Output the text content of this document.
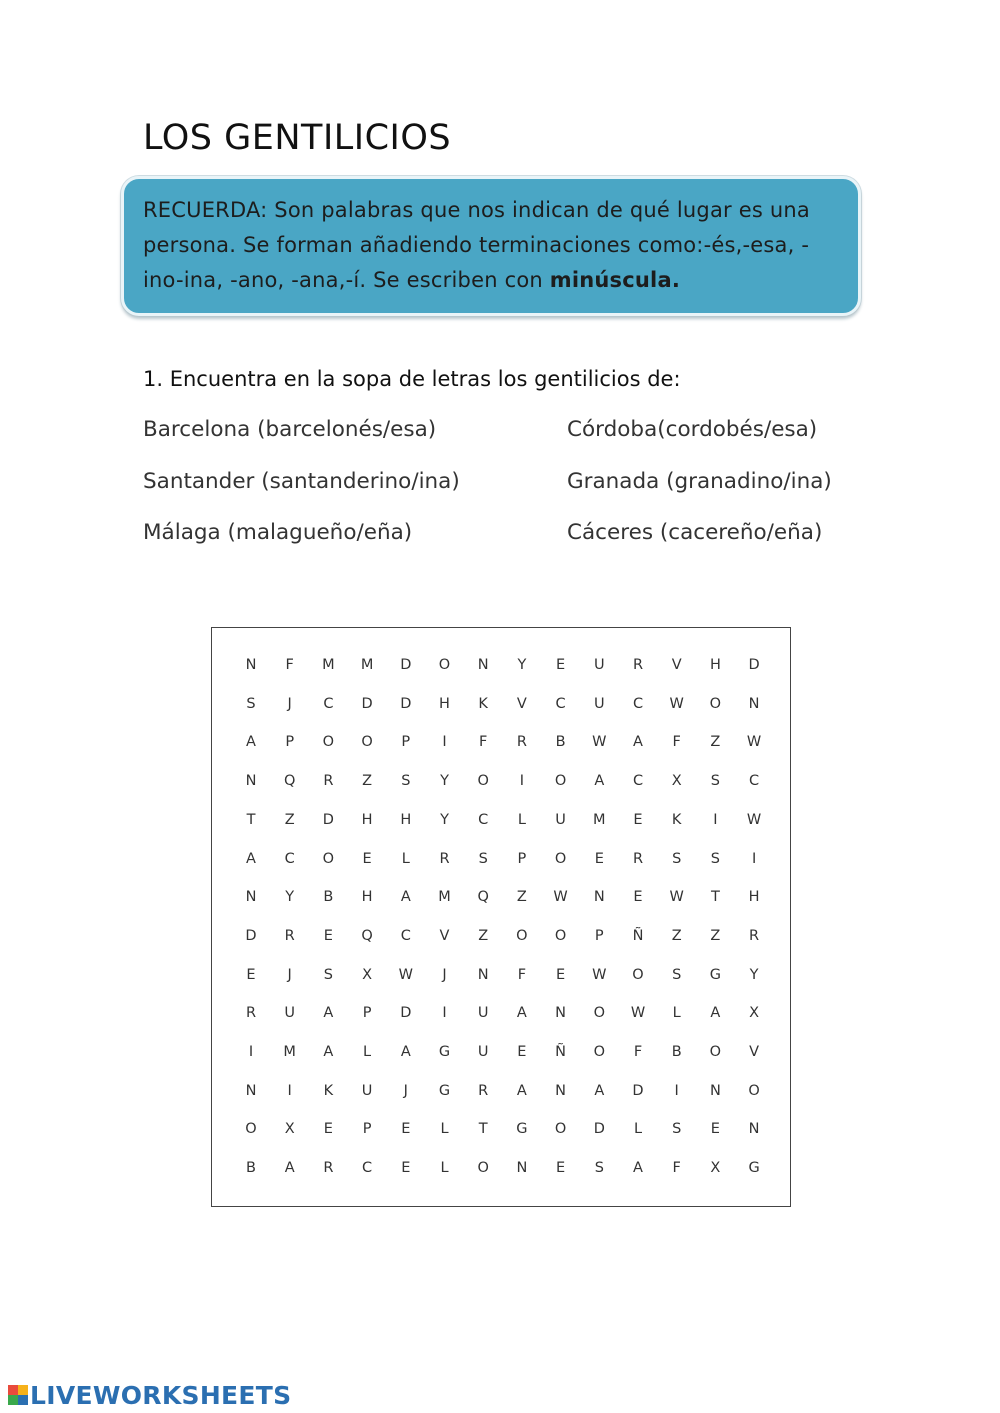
LOS GENTILICIOS

RECUERDA: Son palabras que nos indican de qué lugar es una persona. Se forman añadiendo terminaciones como:-és,-esa, -ino-ina, -ano, -ana,-í. Se escriben con minúscula.

1. Encuentra en la sopa de letras los gentilicios de:

Barcelona (barcelonés/esa)	Córdoba(cordobés/esa)
Santander (santanderino/ina)	Granada (granadino/ina)
Málaga (malagueño/eña)	Cáceres (cacereño/eña)
N	F	M	M	D	O	N	Y	E	U	R	V	H	D
S	J	C	D	D	H	K	V	C	U	C	W	O	N
A	P	O	O	P	I	F	R	B	W	A	F	Z	W
N	Q	R	Z	S	Y	O	I	O	A	C	X	S	C
T	Z	D	H	H	Y	C	L	U	M	E	K	I	W
A	C	O	E	L	R	S	P	O	E	R	S	S	I
N	Y	B	H	A	M	Q	Z	W	N	E	W	T	H
D	R	E	Q	C	V	Z	O	O	P	Ñ	Z	Z	R
E	J	S	X	W	J	N	F	E	W	O	S	G	Y
R	U	A	P	D	I	U	A	N	O	W	L	A	X
I	M	A	L	A	G	U	E	Ñ	O	F	B	O	V
N	I	K	U	J	G	R	A	N	A	D	I	N	O
O	X	E	P	E	L	T	G	O	D	L	S	E	N
B	A	R	C	E	L	O	N	E	S	A	F	X	G
LIVEWORKSHEETS
